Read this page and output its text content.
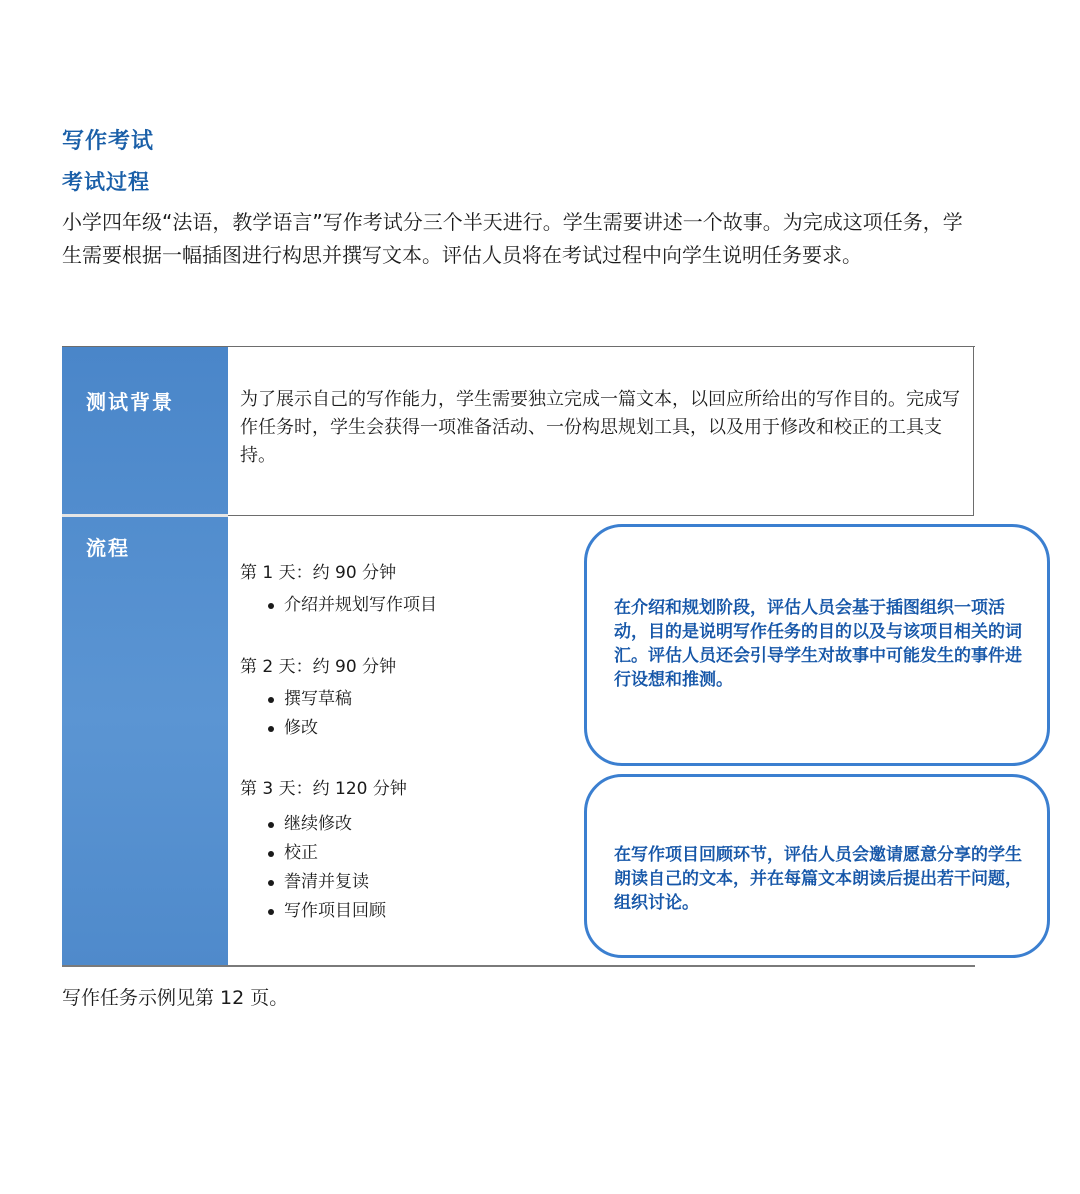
写作考试
考试过程
小学四年级“法语，教学语言”写作考试分三个半天进行。学生需要讲述一个故事。为完成这项任务，学生需要根据一幅插图进行构思并撰写文本。评估人员将在考试过程中向学生说明任务要求。
测试背景
流程
为了展示自己的写作能力，学生需要独立完成一篇文本，以回应所给出的写作目的。完成写作任务时，学生会获得一项准备活动、一份构思规划工具，以及用于修改和校正的工具支持。
第 1 天：约 90 分钟
介绍并规划写作项目
第 2 天：约 90 分钟
撰写草稿
修改
第 3 天：约 120 分钟
继续修改
校正
誊清并复读
写作项目回顾
在介绍和规划阶段，评估人员会基于插图组织一项活动，目的是说明写作任务的目的以及与该项目相关的词汇。评估人员还会引导学生对故事中可能发生的事件进行设想和推测。
在写作项目回顾环节，评估人员会邀请愿意分享的学生朗读自己的文本，并在每篇文本朗读后提出若干问题，组织讨论。
写作任务示例见第 12 页。
